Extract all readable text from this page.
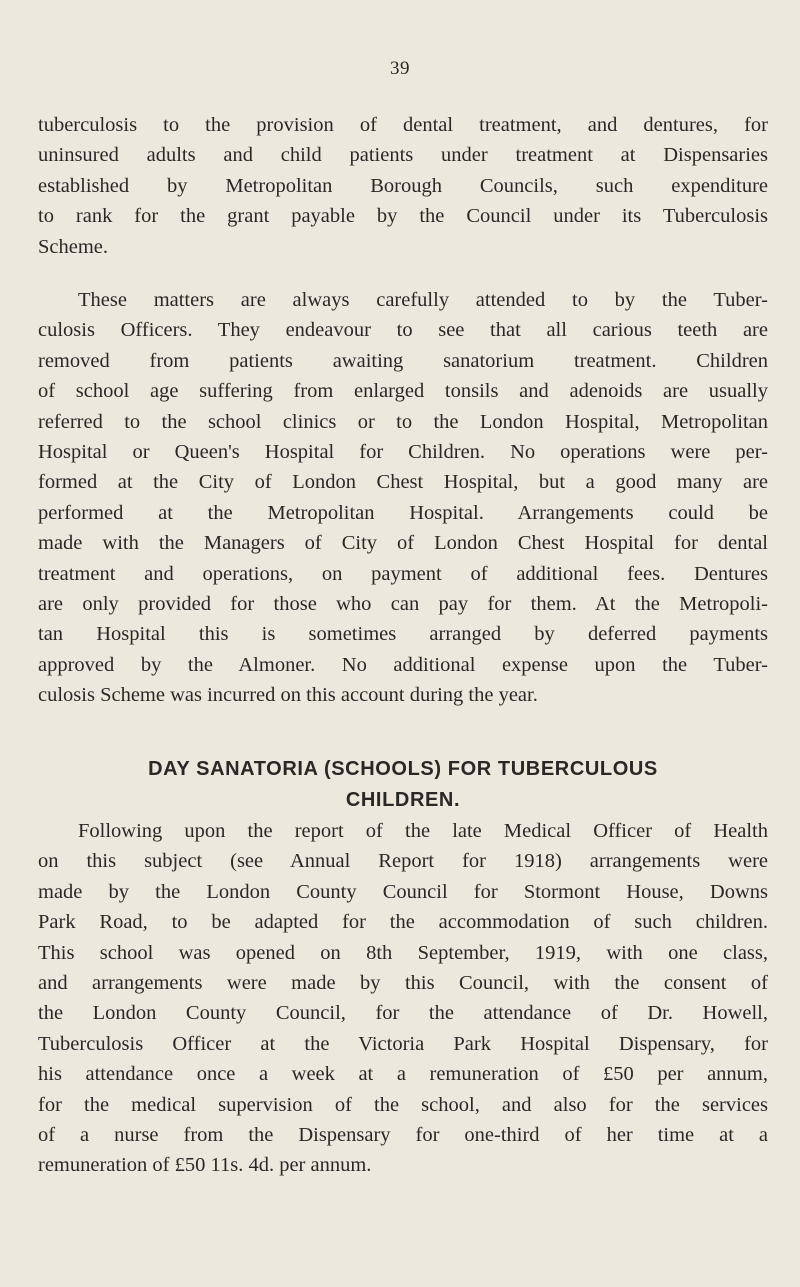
39
tuberculosis to the provision of dental treatment, and dentures, for
uninsured adults and child patients under treatment at Dispensaries
established by Metropolitan Borough Councils, such expenditure
to rank for the grant payable by the Council under its Tuberculosis
Scheme.
These matters are always carefully attended to by the Tuber-
culosis Officers. They endeavour to see that all carious teeth are
removed from patients awaiting sanatorium treatment. Children
of school age suffering from enlarged tonsils and adenoids are usually
referred to the school clinics or to the London Hospital, Metropolitan
Hospital or Queen's Hospital for Children. No operations were per-
formed at the City of London Chest Hospital, but a good many are
performed at the Metropolitan Hospital. Arrangements could be
made with the Managers of City of London Chest Hospital for dental
treatment and operations, on payment of additional fees. Dentures
are only provided for those who can pay for them. At the Metropoli-
tan Hospital this is sometimes arranged by deferred payments
approved by the Almoner. No additional expense upon the Tuber-
culosis Scheme was incurred on this account during the year.
DAY SANATORIA (SCHOOLS) FOR TUBERCULOUS
CHILDREN.
Following upon the report of the late Medical Officer of Health
on this subject (see Annual Report for 1918) arrangements were
made by the London County Council for Stormont House, Downs
Park Road, to be adapted for the accommodation of such children.
This school was opened on 8th September, 1919, with one class,
and arrangements were made by this Council, with the consent of
the London County Council, for the attendance of Dr. Howell,
Tuberculosis Officer at the Victoria Park Hospital Dispensary, for
his attendance once a week at a remuneration of £50 per annum,
for the medical supervision of the school, and also for the services
of a nurse from the Dispensary for one-third of her time at a
remuneration of £50 11s. 4d. per annum.
